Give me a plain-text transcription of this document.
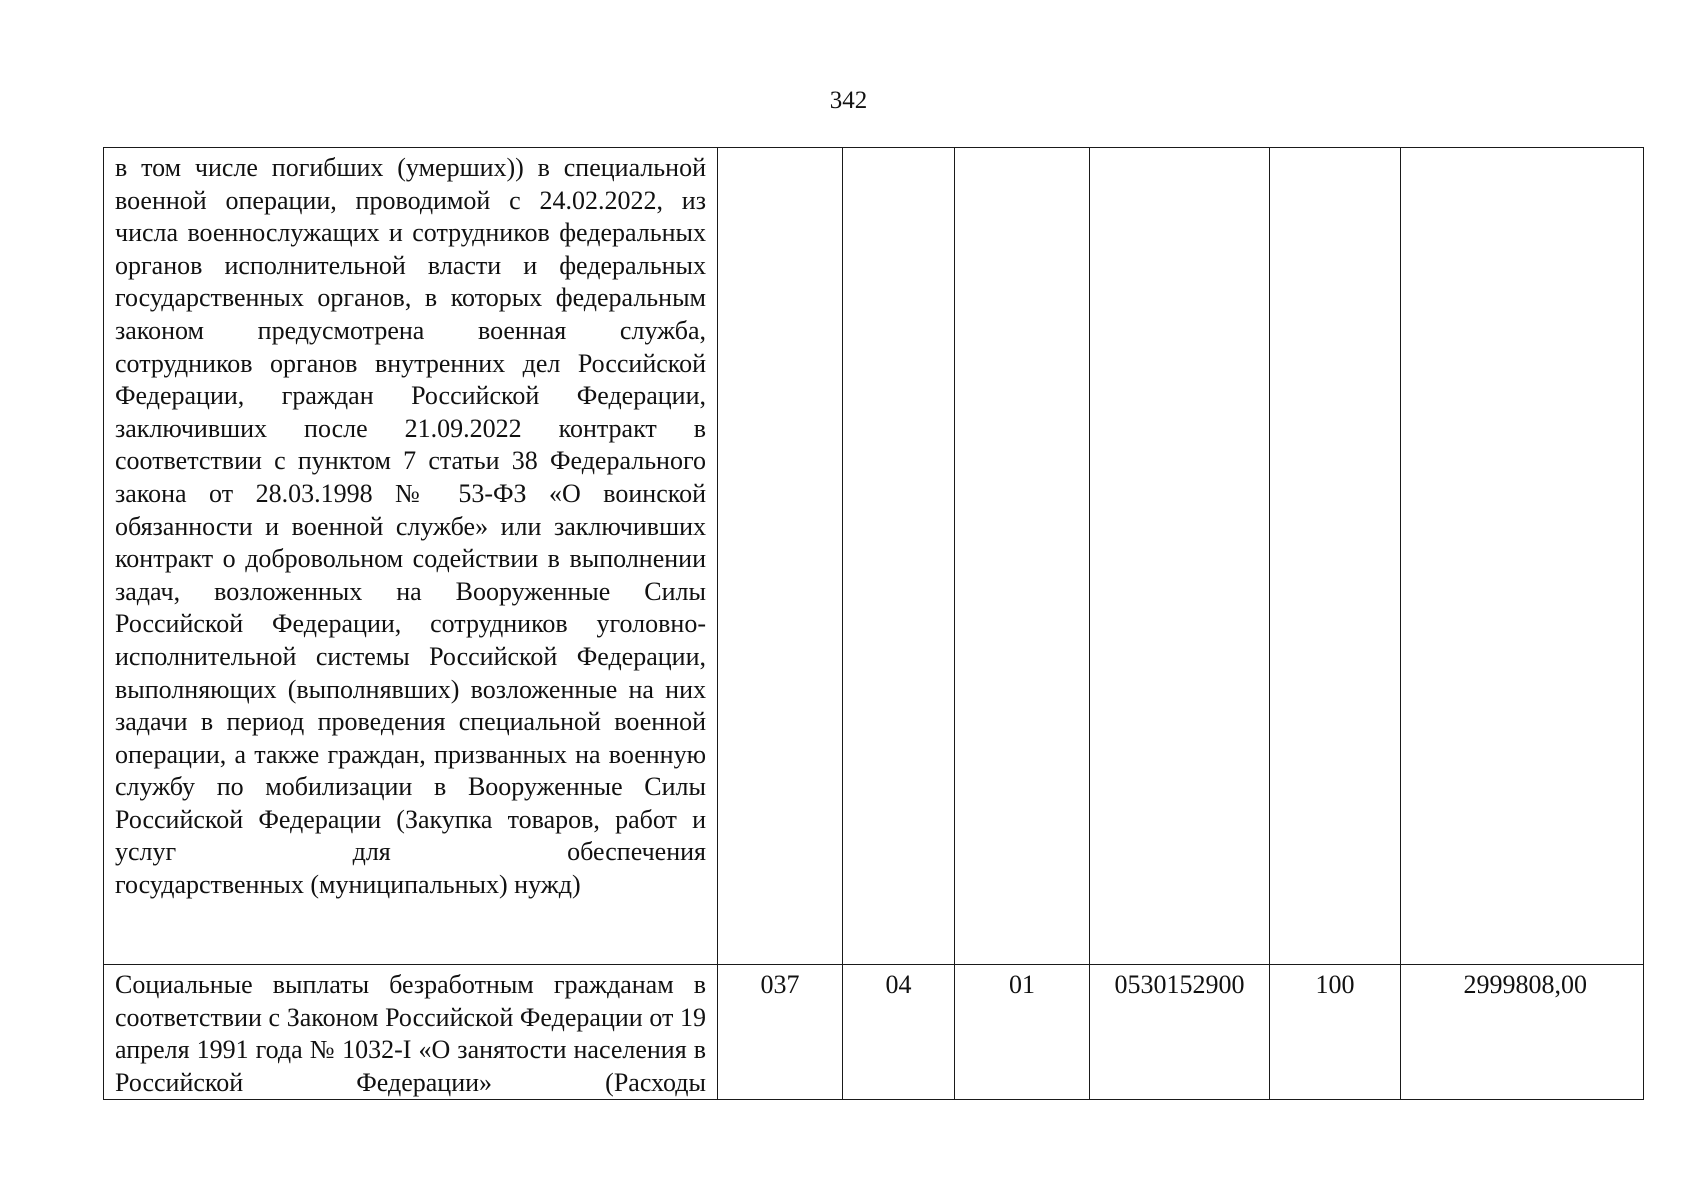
342
в том числе погибших (умерших)) в специальной военной операции, проводимой с 24.02.2022, из числа военнослужащих и сотрудников федеральных органов исполнительной власти и федеральных государственных органов, в которых федеральным законом предусмотрена военная служба, сотрудников органов внутренних дел Российской Федерации, граждан Российской Федерации, заключивших после 21.09.2022 контракт в соответствии с пунктом 7 статьи 38 Федерального закона от 28.03.1998 № 53-ФЗ «О воинской обязанности и военной службе» или заключивших контракт о добровольном содействии в выполнении задач, возложенных на Вооруженные Силы Российской Федерации, сотрудников уголовно-исполнительной системы Российской Федерации, выполняющих (выполнявших) возложенные на них задачи в период проведения специальной военной операции, а также граждан, призванных на военную службу по мобилизации в Вооруженные Силы Российской Федерации (Закупка товаров, работ и услуг для обеспечения
государственных (муниципальных) нужд)						

Социальные выплаты безработным гражданам в соответствии с Законом Российской Федерации от 19 апреля 1991 года № 1032-I «О занятости населения в Российской Федерации» (Расходы	037	04	01	0530152900	100	2999808,00
